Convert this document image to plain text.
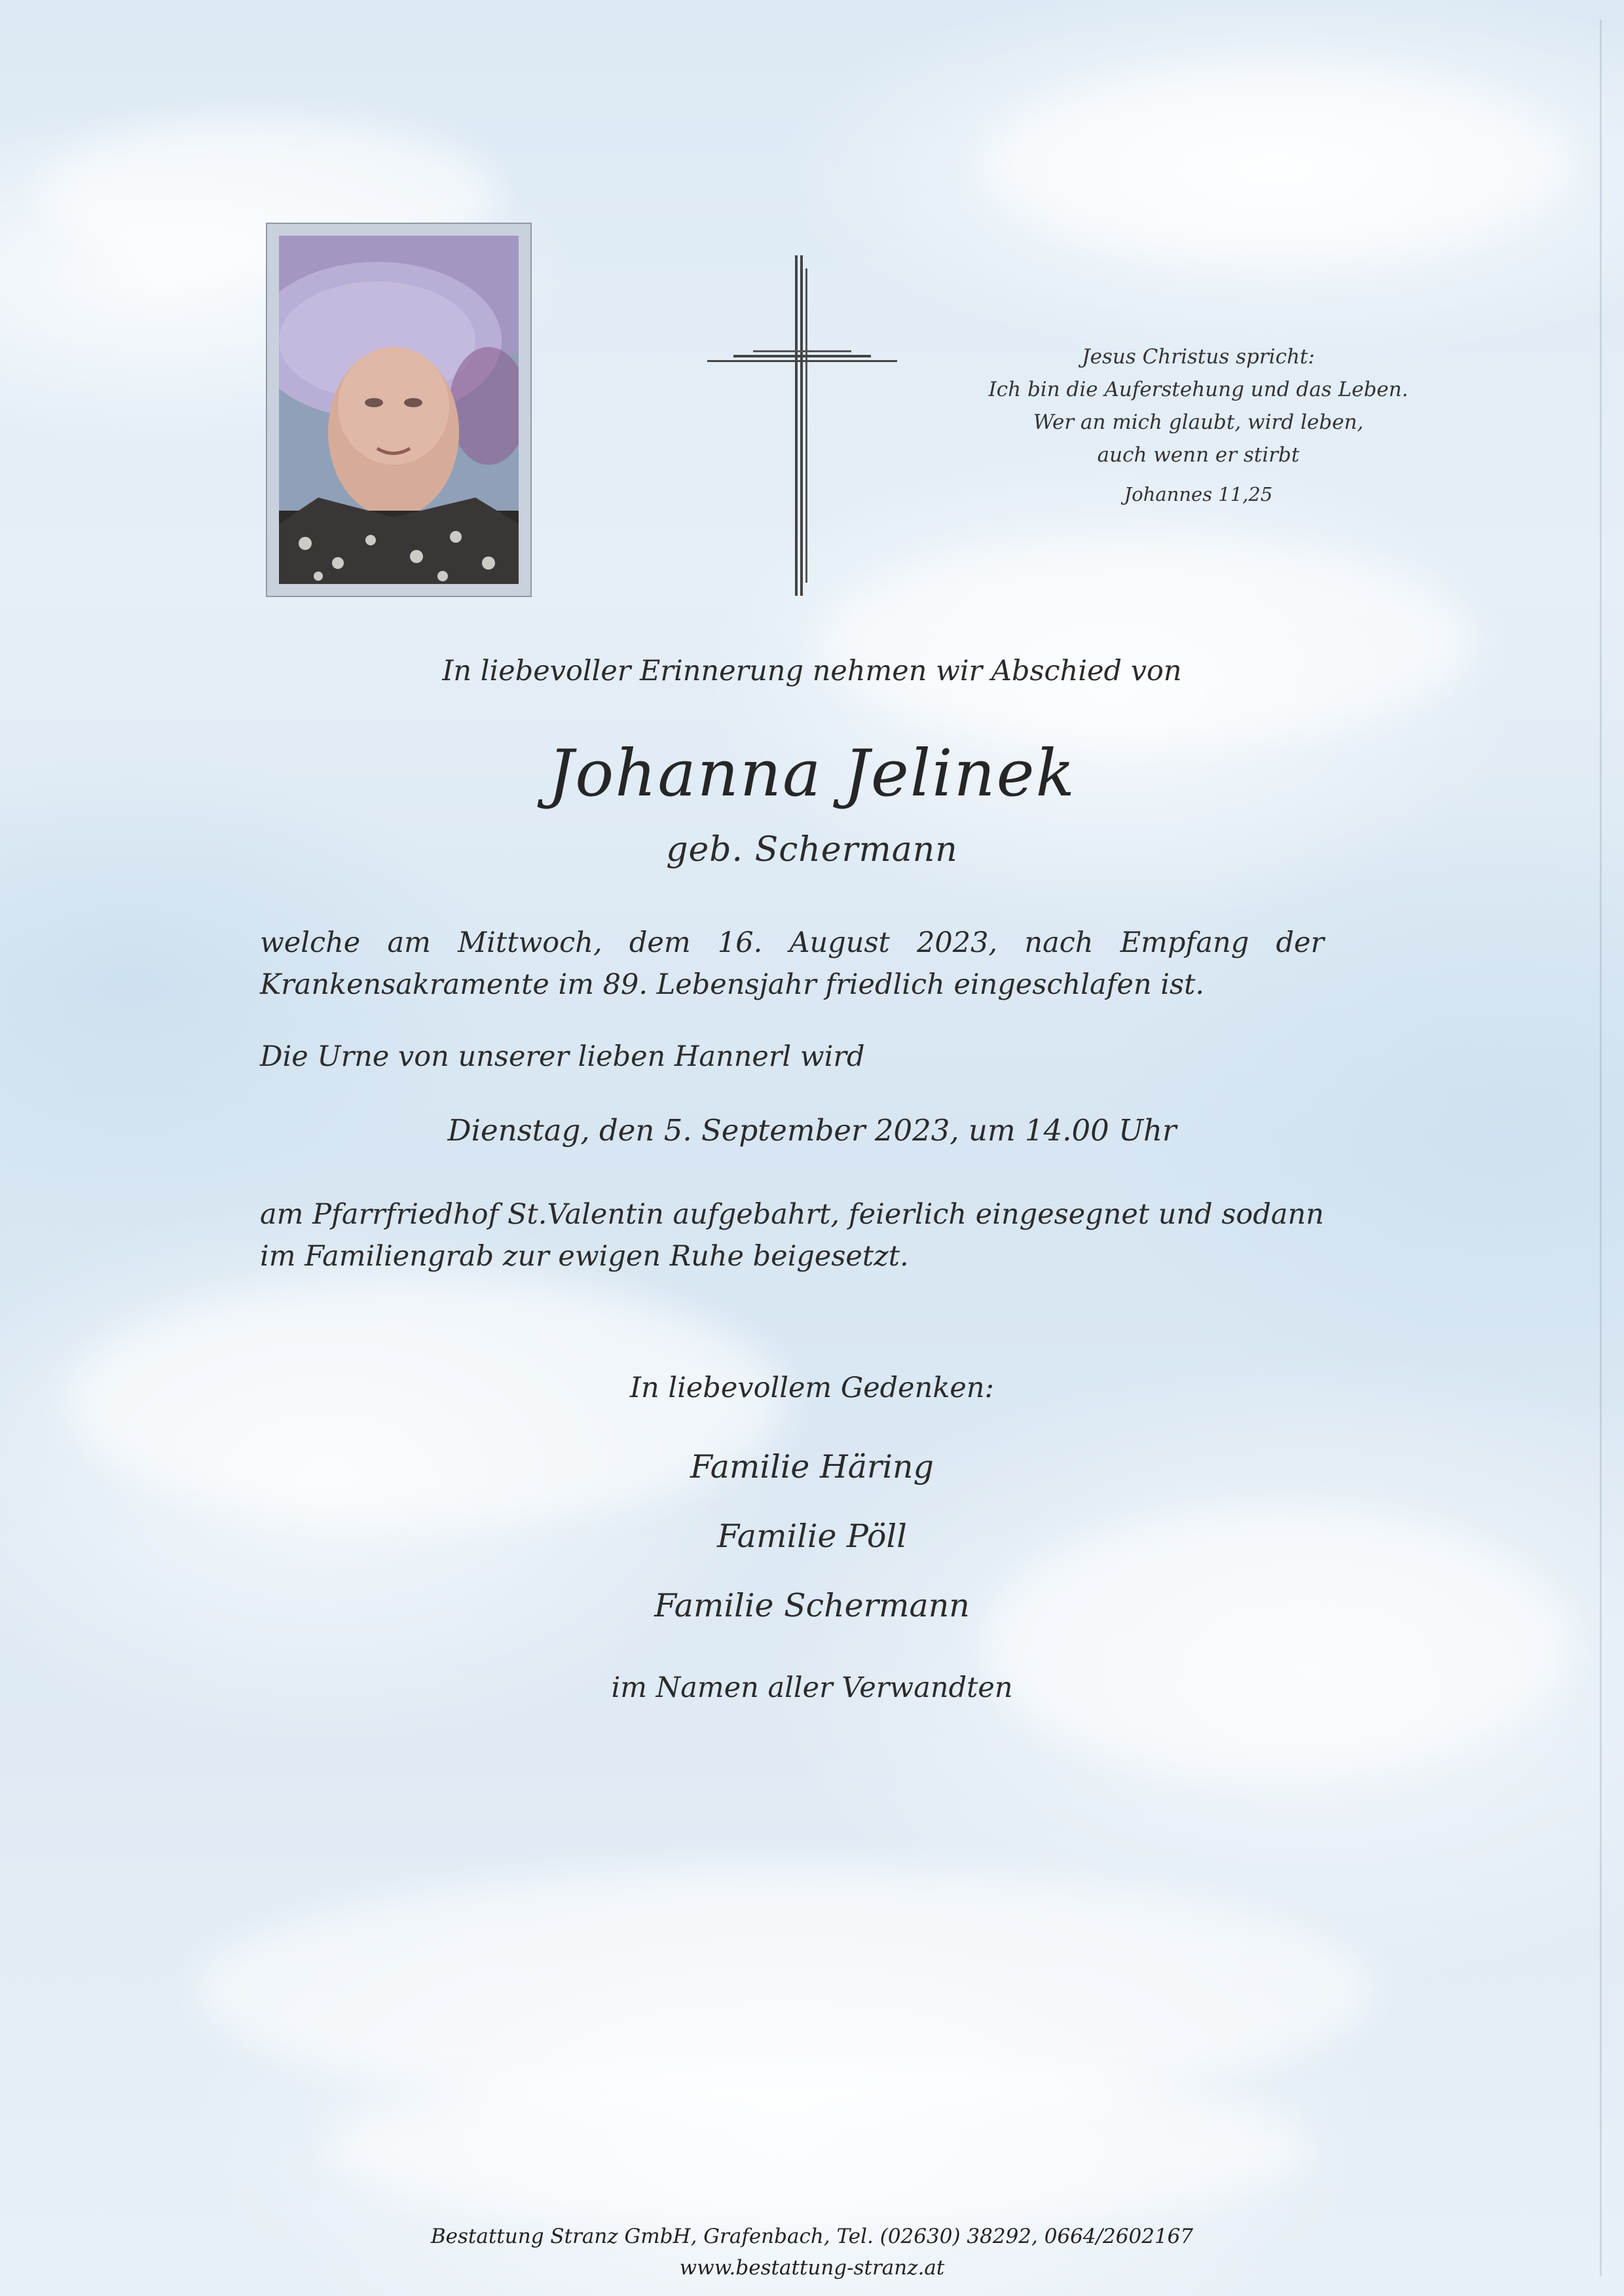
Jesus Christus spricht:
Ich bin die Auferstehung und das Leben.
Wer an mich glaubt, wird leben,
auch wenn er stirbt
Johannes 11,25
In liebevoller Erinnerung nehmen wir Abschied von
Johanna Jelinek
geb. Schermann
welche am Mittwoch, dem 16. August 2023, nach Empfang der Krankensakramente im 89. Lebensjahr friedlich eingeschlafen ist.
Die Urne von unserer lieben Hannerl wird
Dienstag, den 5. September 2023, um 14.00 Uhr
am Pfarrfriedhof St.Valentin aufgebahrt, feierlich eingesegnet und sodann im Familiengrab zur ewigen Ruhe beigesetzt.
In liebevollem Gedenken:
Familie Häring
Familie Pöll
Familie Schermann
im Namen aller Verwandten
Bestattung Stranz GmbH, Grafenbach, Tel. (02630) 38292, 0664/2602167
www.bestattung-stranz.at
